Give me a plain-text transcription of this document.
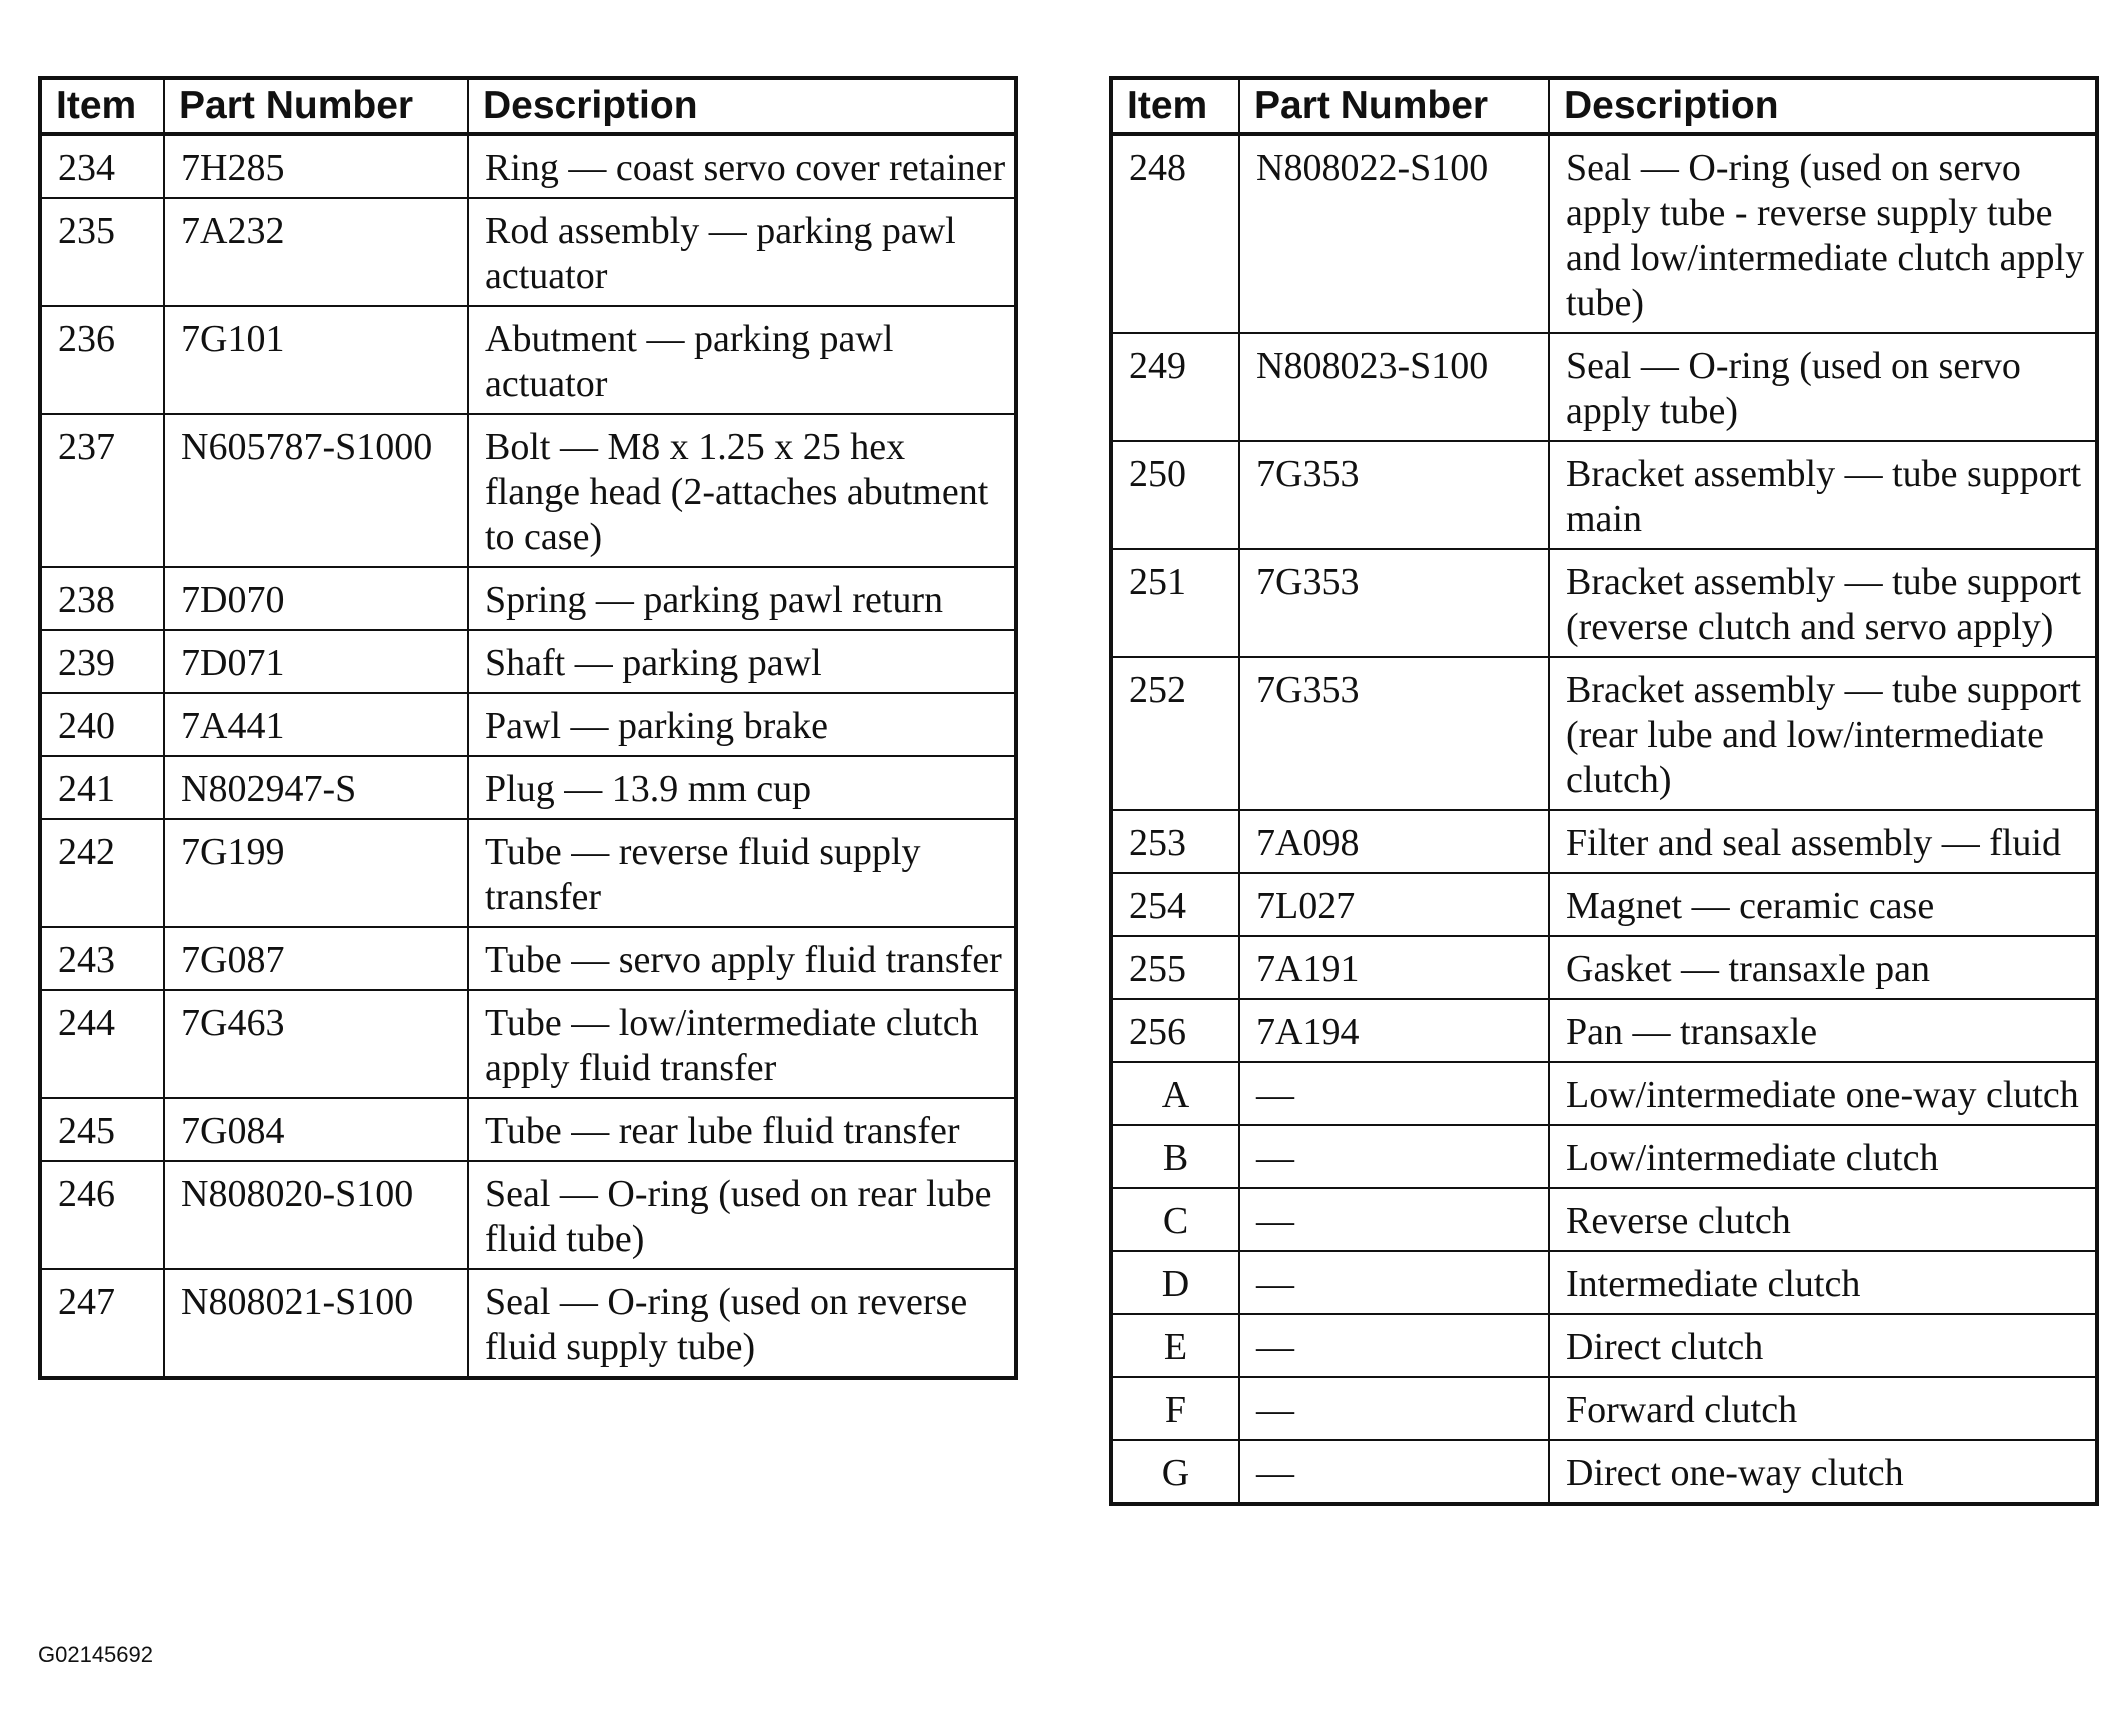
Item	Part Number	Description
234	7H285	Ring — coast servo cover retainer
235	7A232	Rod assembly — parking pawl actuator
236	7G101	Abutment — parking pawl actuator
237	N605787-S1000	Bolt — M8 x 1.25 x 25 hex flange head (2-attaches abutment to case)
238	7D070	Spring — parking pawl return
239	7D071	Shaft — parking pawl
240	7A441	Pawl — parking brake
241	N802947-S	Plug — 13.9 mm cup
242	7G199	Tube — reverse fluid supply transfer
243	7G087	Tube — servo apply fluid transfer
244	7G463	Tube — low/intermediate clutch apply fluid transfer
245	7G084	Tube — rear lube fluid transfer
246	N808020-S100	Seal — O-ring (used on rear lube fluid tube)
247	N808021-S100	Seal — O-ring (used on reverse fluid supply tube)
Item	Part Number	Description
248	N808022-S100	Seal — O-ring (used on servo apply tube - reverse supply tube and low/intermediate clutch apply tube)
249	N808023-S100	Seal — O-ring (used on servo apply tube)
250	7G353	Bracket assembly — tube support main
251	7G353	Bracket assembly — tube support (reverse clutch and servo apply)
252	7G353	Bracket assembly — tube support (rear lube and low/intermediate clutch)
253	7A098	Filter and seal assembly — fluid
254	7L027	Magnet — ceramic case
255	7A191	Gasket — transaxle pan
256	7A194	Pan — transaxle
A	—	Low/intermediate one-way clutch
B	—	Low/intermediate clutch
C	—	Reverse clutch
D	—	Intermediate clutch
E	—	Direct clutch
F	—	Forward clutch
G	—	Direct one-way clutch
G02145692
